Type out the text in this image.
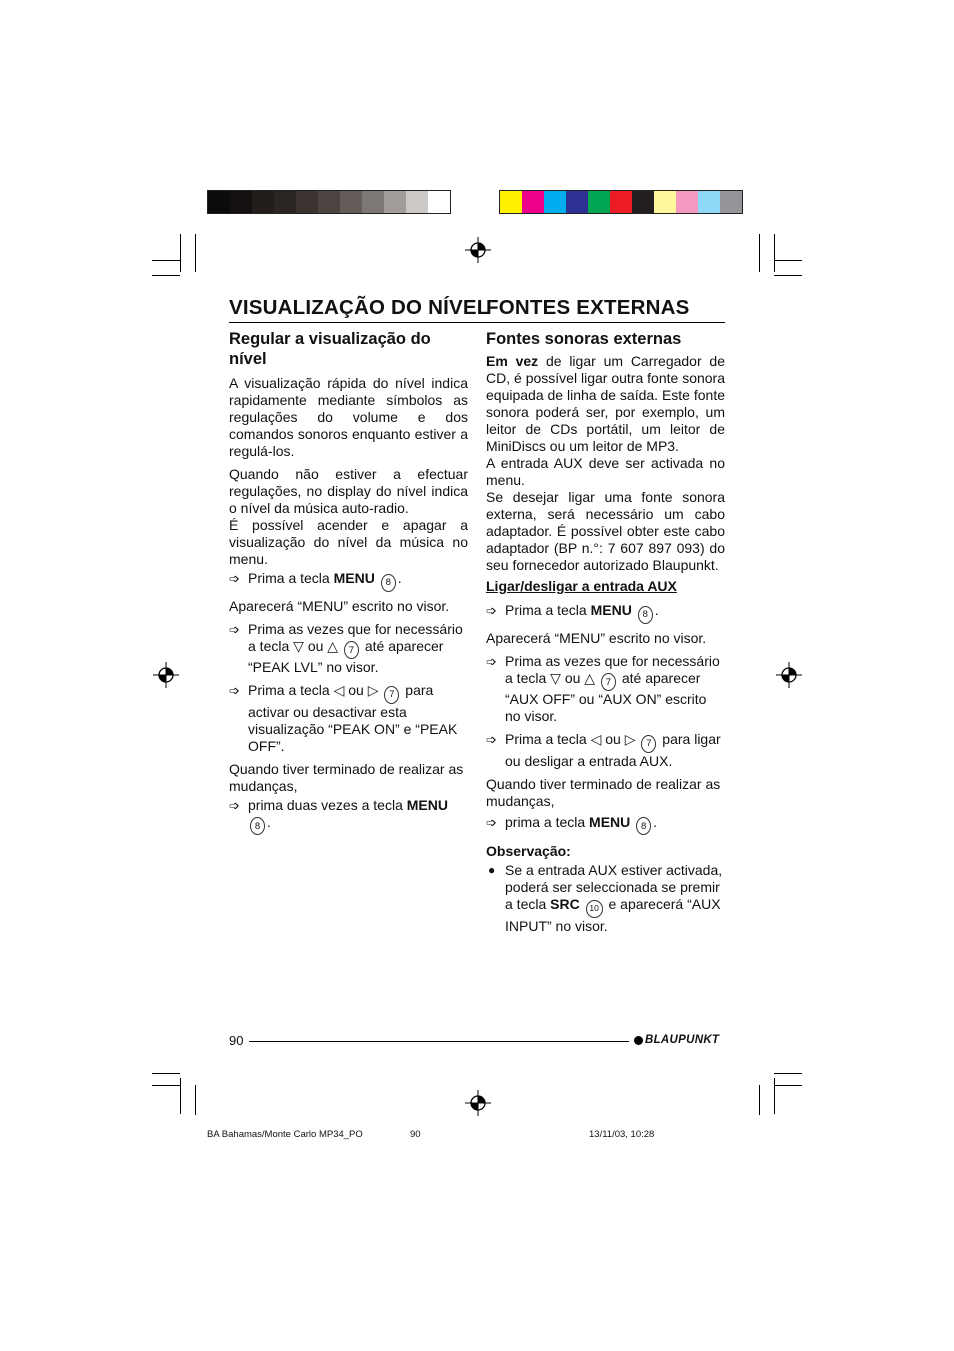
VISUALIZAÇÃO DO NÍVEL
FONTES EXTERNAS
Regular a visualização do nível

A visualização rápida do nível indica rapidamente mediante símbolos as regulações do volume e dos comandos sonoros enquanto estiver a regulá-los.

Quando não estiver a efectuar regulações, no display do nível indica o nível da música auto-radio.

É possível acender e apagar a visualização do nível da música no menu.

➩ Prima a tecla MENU 8 .

Aparecerá “MENU” escrito no visor.

➩ Prima as vezes que for necessário a tecla ▽ ou △ 7 até aparecer “PEAK LVL” no visor.
➩ Prima a tecla ◁ ou ▷ 7 para activar ou desactivar esta visualização “PEAK ON” e “PEAK OFF”.

Quando tiver terminado de realizar as mudanças,

➩ prima duas vezes a tecla MENU
8 .
Fontes sonoras externas

Em vez de ligar um Carregador de CD, é possível ligar outra fonte sonora equipada de linha de saída. Este fonte sonora poderá ser, por exemplo, um leitor de CDs portátil, um leitor de MiniDiscs ou um leitor de MP3.

A entrada AUX deve ser activada no menu.

Se desejar ligar uma fonte sonora externa, será necessário um cabo adaptador. É possível obter este cabo adaptador (BP n.°: 7 607 897 093) do seu fornecedor autorizado Blaupunkt.

Ligar/desligar a entrada AUX
➩ Prima a tecla MENU 8 .

Aparecerá “MENU” escrito no visor.

➩ Prima as vezes que for necessário a tecla ▽ ou △ 7 até aparecer “AUX OFF” ou “AUX ON” escrito no visor.
➩ Prima a tecla ◁ ou ▷ 7 para ligar ou desligar a entrada AUX.

Quando tiver terminado de realizar as mudanças,

➩ prima a tecla MENU 8 .
Observação:
● Se a entrada AUX estiver activada, poderá ser seleccionada se premir a tecla SRC 10 e aparecerá “AUX INPUT” no visor.
90	BLAUPUNKT
BA Bahamas/Monte Carlo MP34_PO	90	13/11/03, 10:28
